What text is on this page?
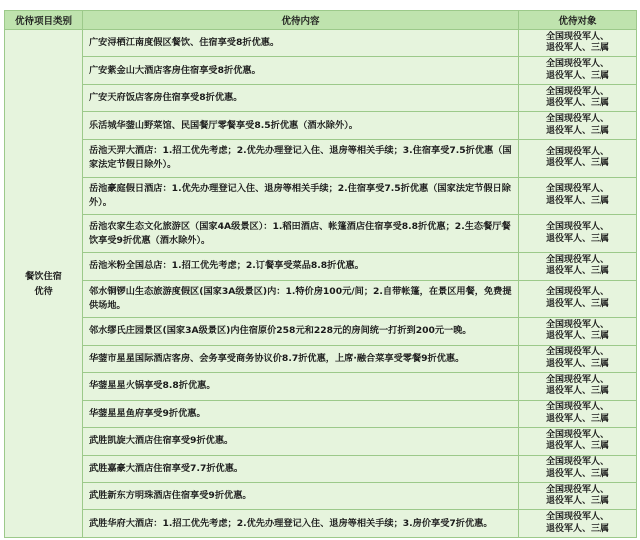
优待项目类别	优待内容	优待对象
餐饮住宿
优待	广安浔栖江南度假区餐饮、住宿享受8折优惠。	全国现役军人、
退役军人、三属
	广安紫金山大酒店客房住宿享受8折优惠。	全国现役军人、
退役军人、三属
	广安天府饭店客房住宿享受8折优惠。	全国现役军人、
退役军人、三属
	乐活城华蓥山野菜馆、民国餐厅零餐享受8.5折优惠（酒水除外）。	全国现役军人、
退役军人、三属
	岳池天羿大酒店：1.招工优先考虑；2.优先办理登记入住、退房等相关手续；3.住宿享受7.5折优惠（国家法定节假日除外）。	全国现役军人、
退役军人、三属
	岳池豪庭假日酒店：1.优先办理登记入住、退房等相关手续；2.住宿享受7.5折优惠（国家法定节假日除外）。	全国现役军人、
退役军人、三属
	岳池农家生态文化旅游区（国家4A级景区）：1.稻田酒店、帐篷酒店住宿享受8.8折优惠；2.生态餐厅餐饮享受9折优惠（酒水除外）。	全国现役军人、
退役军人、三属
	岳池米粉全国总店：1.招工优先考虑；2.订餐享受菜品8.8折优惠。	全国现役军人、
退役军人、三属
	邻水铜锣山生态旅游度假区(国家3A级景区)内：1.特价房100元/间；2.自带帐篷，在景区用餐，免费提供场地。	全国现役军人、
退役军人、三属
	邻水缪氏庄园景区(国家3A级景区)内住宿原价258元和228元的房间统一打折到200元一晚。	全国现役军人、
退役军人、三属
	华蓥市星星国际酒店客房、会务享受商务协议价8.7折优惠，上席·融合菜享受零餐9折优惠。	全国现役军人、
退役军人、三属
	华蓥星星火锅享受8.8折优惠。	全国现役军人、
退役军人、三属
	华蓥星星鱼府享受9折优惠。	全国现役军人、
退役军人、三属
	武胜凯旋大酒店住宿享受9折优惠。	全国现役军人、
退役军人、三属
	武胜嘉豪大酒店住宿享受7.7折优惠。	全国现役军人、
退役军人、三属
	武胜新东方明珠酒店住宿享受9折优惠。	全国现役军人、
退役军人、三属
	武胜华府大酒店：1.招工优先考虑；2.优先办理登记入住、退房等相关手续；3.房价享受7折优惠。	全国现役军人、
退役军人、三属
